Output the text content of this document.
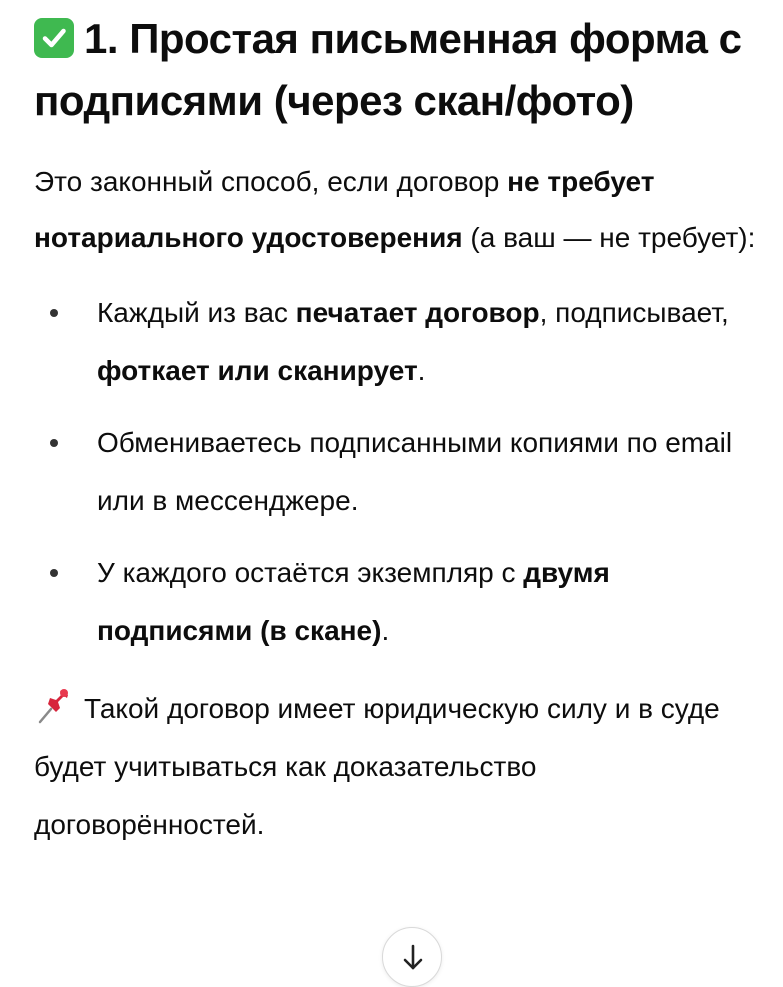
1. Простая письменная форма с подписями (через скан/фото)

Это законный способ, если договор не требует нотариального удостоверения (а ваш — не требует):

Каждый из вас печатает договор, подписывает, фоткает или сканирует.
Обмениваетесь подписанными копиями по email или в мессенджере.
У каждого остаётся экземпляр с двумя подписями (в скане).

Такой договор имеет юридическую силу и в суде будет учитываться как доказательство договорённостей.
